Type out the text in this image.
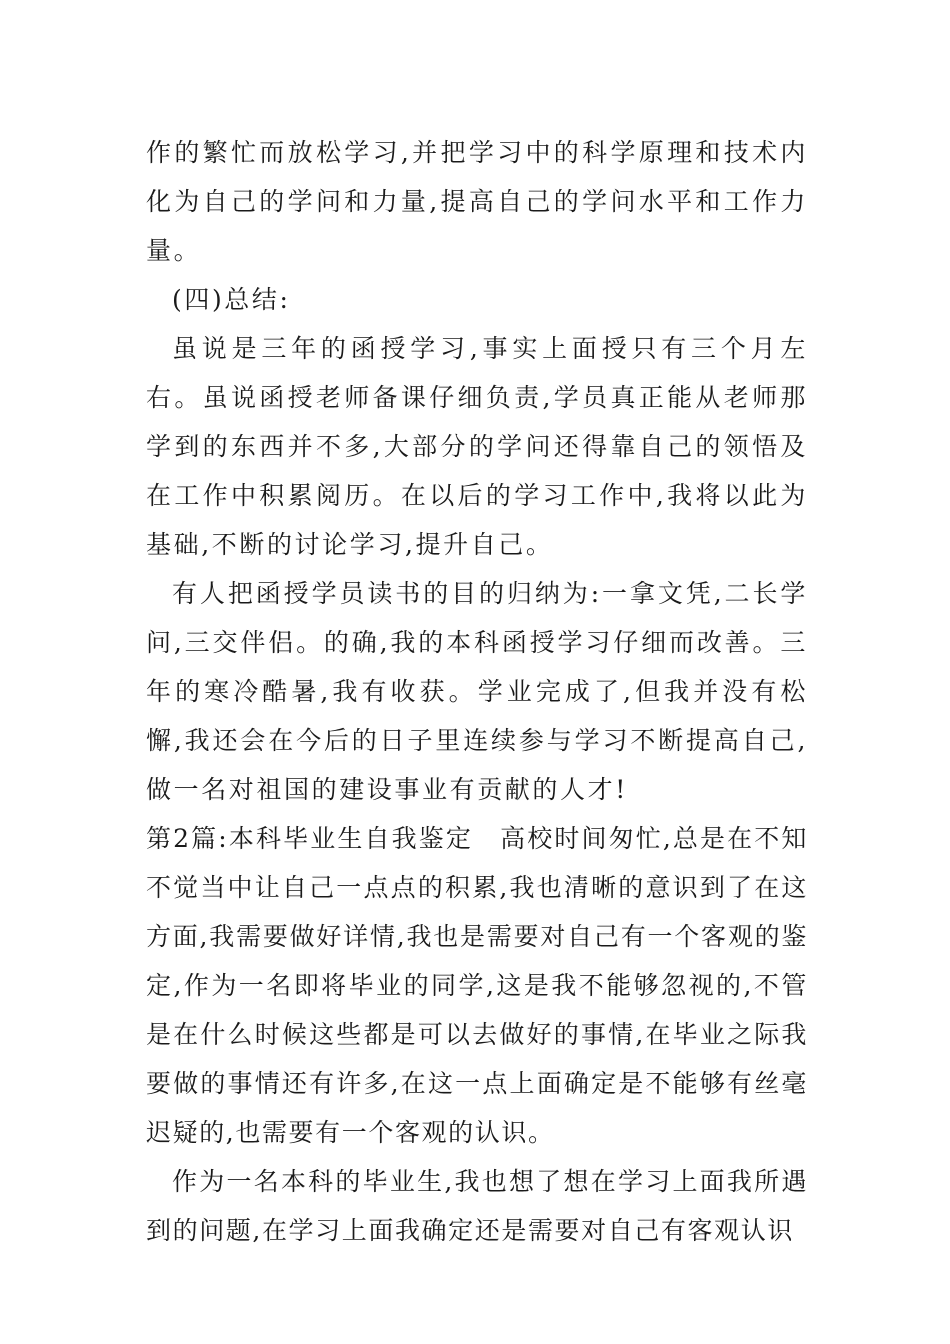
作的繁忙而放松学习,并把学习中的科学原理和技术内化为自己的学问和力量,提高自己的学问水平和工作力量。

(四)总结:

虽说是三年的函授学习,事实上面授只有三个月左右。虽说函授老师备课仔细负责,学员真正能从老师那学到的东西并不多,大部分的学问还得靠自己的领悟及在工作中积累阅历。在以后的学习工作中,我将以此为基础,不断的讨论学习,提升自己。

有人把函授学员读书的目的归纳为:一拿文凭,二长学问,三交伴侣。的确,我的本科函授学习仔细而改善。三年的寒冷酷暑,我有收获。学业完成了,但我并没有松懈,我还会在今后的日子里连续参与学习不断提高自己,做一名对祖国的建设事业有贡献的人才!

第2篇:本科毕业生自我鉴定　高校时间匆忙,总是在不知不觉当中让自己一点点的积累,我也清晰的意识到了在这方面,我需要做好详情,我也是需要对自己有一个客观的鉴定,作为一名即将毕业的同学,这是我不能够忽视的,不管是在什么时候这些都是可以去做好的事情,在毕业之际我要做的事情还有许多,在这一点上面确定是不能够有丝毫迟疑的,也需要有一个客观的认识。

作为一名本科的毕业生,我也想了想在学习上面我所遇到的问题,在学习上面我确定还是需要对自己有客观认识
